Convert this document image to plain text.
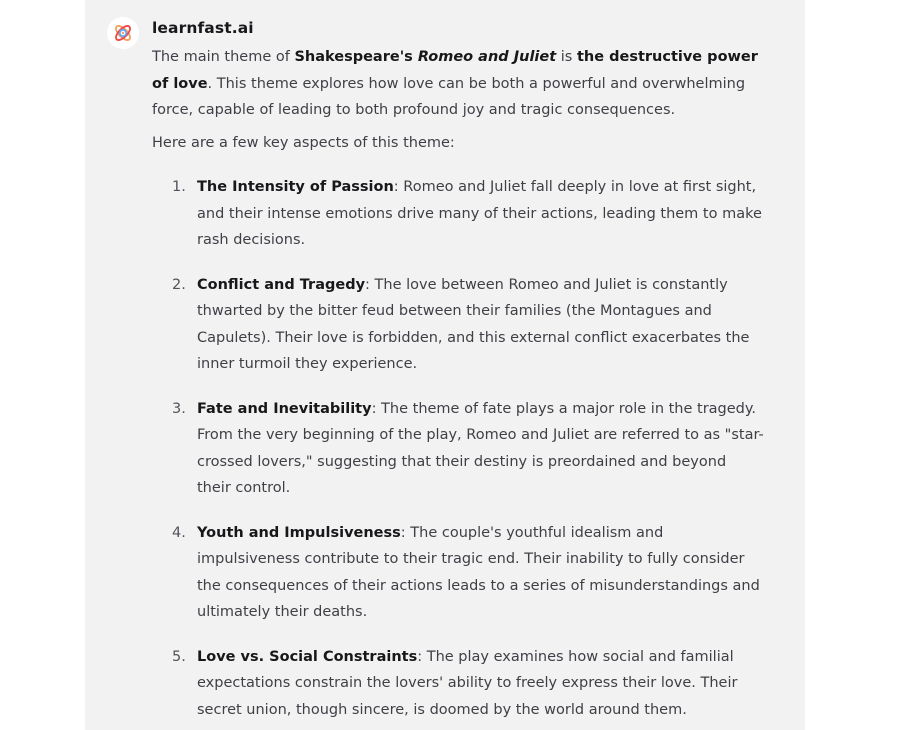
learnfast.ai

The main theme of Shakespeare's Romeo and Juliet is the destructive power of love. This theme explores how love can be both a powerful and overwhelming force, capable of leading to both profound joy and tragic consequences.

Here are a few key aspects of this theme:

1. The Intensity of Passion: Romeo and Juliet fall deeply in love at first sight, and their intense emotions drive many of their actions, leading them to make rash decisions.
2. Conflict and Tragedy: The love between Romeo and Juliet is constantly thwarted by the bitter feud between their families (the Montagues and Capulets). Their love is forbidden, and this external conflict exacerbates the inner turmoil they experience.
3. Fate and Inevitability: The theme of fate plays a major role in the tragedy. From the very beginning of the play, Romeo and Juliet are referred to as "star-crossed lovers," suggesting that their destiny is preordained and beyond their control.
4. Youth and Impulsiveness: The couple's youthful idealism and impulsiveness contribute to their tragic end. Their inability to fully consider the consequences of their actions leads to a series of misunderstandings and ultimately their deaths.
5. Love vs. Social Constraints: The play examines how social and familial expectations constrain the lovers' ability to freely express their love. Their secret union, though sincere, is doomed by the world around them.
